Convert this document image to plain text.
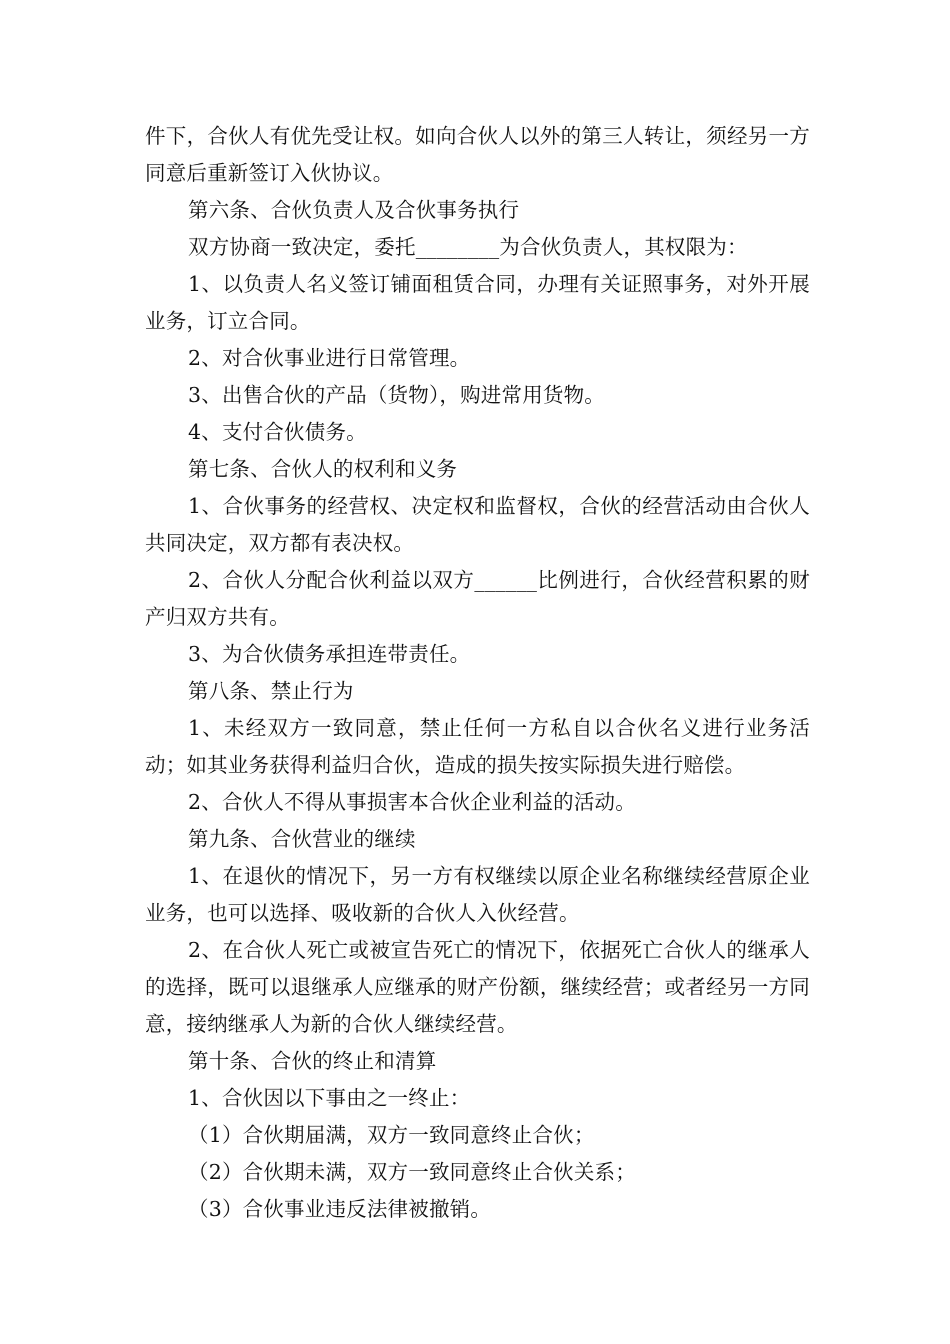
件下，合伙人有优先受让权。如向合伙人以外的第三人转让，须经另一方同意后重新签订入伙协议。

第六条、合伙负责人及合伙事务执行

双方协商一致决定，委托________为合伙负责人，其权限为：

1、以负责人名义签订铺面租赁合同，办理有关证照事务，对外开展业务，订立合同。

2、对合伙事业进行日常管理。

3、出售合伙的产品（货物），购进常用货物。

4、支付合伙债务。

第七条、合伙人的权利和义务

1、合伙事务的经营权、决定权和监督权，合伙的经营活动由合伙人共同决定，双方都有表决权。

2、合伙人分配合伙利益以双方______比例进行，合伙经营积累的财产归双方共有。

3、为合伙债务承担连带责任。

第八条、禁止行为

1、未经双方一致同意，禁止任何一方私自以合伙名义进行业务活动；如其业务获得利益归合伙，造成的损失按实际损失进行赔偿。

2、合伙人不得从事损害本合伙企业利益的活动。

第九条、合伙营业的继续

1、在退伙的情况下，另一方有权继续以原企业名称继续经营原企业业务，也可以选择、吸收新的合伙人入伙经营。

2、在合伙人死亡或被宣告死亡的情况下，依据死亡合伙人的继承人的选择，既可以退继承人应继承的财产份额，继续经营；或者经另一方同意，接纳继承人为新的合伙人继续经营。

第十条、合伙的终止和清算

1、合伙因以下事由之一终止：

（1）合伙期届满，双方一致同意终止合伙；

（2）合伙期未满，双方一致同意终止合伙关系；

（3）合伙事业违反法律被撤销。
